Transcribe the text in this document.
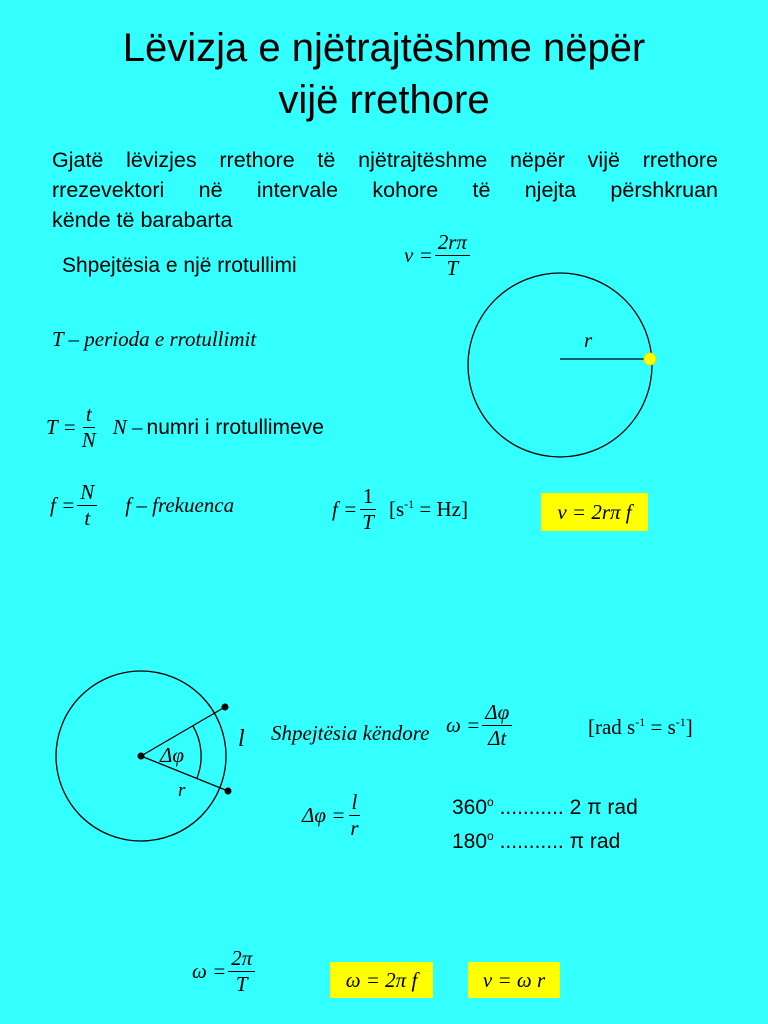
Lëvizja e njëtrajtëshme nëpër
vijë rrethore
Gjatë lëvizjes rrethore të njëtrajtëshme nëpër vijë rrethore
rrezevektori në intervale kohore të njejta përshkruan
kënde të barabarta
Shpejtësia e një rrotullimi	$v = \frac{2r\pi}{T}$
T – perioda e rrotullimit
$T = \frac{t}{N}$ N – numri i rrotullimeve
$f = \frac{N}{t}$ f – frekuenca	$f = \frac{1}{T} [s^{-1} = Hz]$	v = 2rπ f
Shpejtësia këndore $\omega = \frac{\Delta\varphi}{\Delta t}$	[rad $s^{-1} = s^{-1}$]
$\Delta\varphi = \frac{l}{r}$	360$^o$ ........... 2 π rad
180$^o$ ........... π rad
$\omega = \frac{2\pi}{T}$	ω = 2π f	v = ω r
r
Δφ
l
r
